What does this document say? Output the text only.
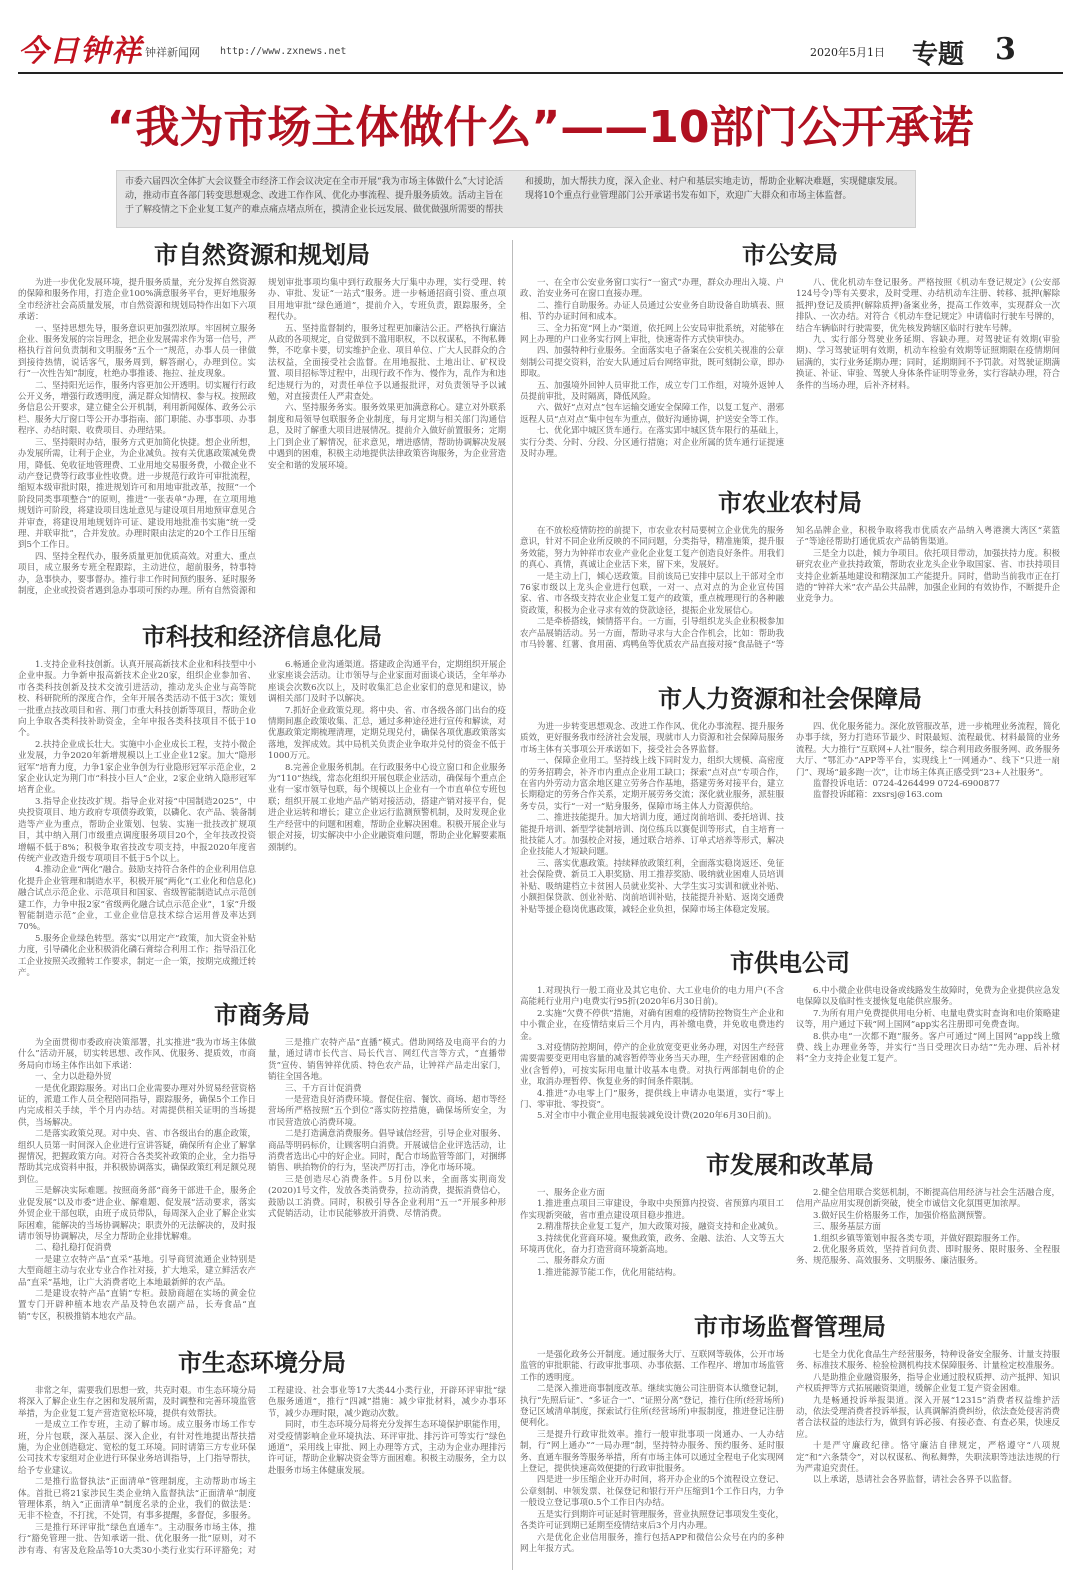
今日钟祥 钟祥新闻网 http://www.zxnews.net	2020年5月1日 专题 3
“我为市场主体做什么”——10部门公开承诺
市委六届四次全体扩大会议暨全市经济工作会议决定在全市开展“我为市场主体做什么”大讨论活动，推动市直各部门转变思想观念、改进工作作风、优化办事流程、提升服务质效。活动主旨在于了解疫情之下企业复工复产的难点痛点堵点所在，摸清企业长远发展、做优做强所需要的帮扶和援助，加大帮扶力度，深入企业、村户和基层实地走访，帮助企业解决难题，实现健康发展。现将10个重点行业管理部门公开承诺书发布如下，欢迎广大群众和市场主体监督。
市自然资源和规划局

为进一步优化发展环境，提升服务质量，充分发挥自然资源的保障和服务作用，打造企业100%满意服务平台，更好地服务全市经济社会高质量发展，市自然资源和规划局特作出如下六项承诺：

一、坚持思想先导，服务意识更加强烈浓厚。牢固树立服务企业、服务发展的宗旨理念，把企业发展需求作为第一信号，严格执行首问负责制和文明服务“五个一”规范，办事人员一律做到接待热情，说话客气，服务周到，解答耐心，办理到位。实行“一次性告知”制度，杜绝办事推诿、拖拉、扯皮现象。

二、坚持阳光运作，服务内容更加公开透明。切实履行行政公开义务，增强行政透明度，满足群众知情权、参与权。按照政务信息公开要求，建立健全公开机制，利用新闻媒体、政务公示栏、服务大厅窗口等公开办事指南、部门职能、办事事项、办事程序、办结时限、收费项目、办理结果。

三、坚持限时办结，服务方式更加简化快捷。想企业所想，办发展所需，让利于企业，为企业减负。按有关优惠政策减免费用，降低、免收征地管理费、工业用地交易服务费，小微企业不动产登记费等行政事业性收费。进一步规范行政许可审批流程，缩短本级审批时限，推进规划许可和用地审批改革，按照“一个阶段同类事项整合”的原则，推进“一张表单”办理，在立项用地规划许可阶段，将建设项目选址意见与建设项目用地预审意见合并审查，将建设用地规划许可证、建设用地批准书实施“统一受理、并联审批”，合并发放。办理时限由法定的20个工作日压缩到5个工作日。

四、坚持全程代办，服务质量更加优质高效。对重大、重点项目，成立服务专班全程跟踪，主动进位，超前服务，特事特办，急事快办，要事督办。推行非工作时间预约服务、延时服务制度，企业或投资者遇到急办事项可预约办理。所有自然资源和规划审批事项均集中到行政服务大厅集中办理，实行受理、转办、审批、发证“一站式”服务。进一步畅通招商引资、重点项目用地审批“绿色通道”，提前介入，专班负责，跟踪服务，全程代办。

五、坚持监督制约，服务过程更加廉洁公正。严格执行廉洁从政的各项规定，自觉做到不滥用职权，不以权谋私，不徇私舞弊，不吃拿卡要，切实维护企业、项目单位、广大人民群众的合法权益，全面接受社会监督。在用地报批、土地出让、矿权设置、项目招标等过程中，出现行政不作为、慢作为，乱作为和违纪违规行为的，对责任单位予以通报批评，对负责领导予以诫勉，对直接责任人严肃查处。

六、坚持服务务实。服务效果更加满意称心。建立对外联系制度和局领导包联服务企业制度，每月定期与相关部门沟通信息，及时了解重大项目进展情况。提前介入做好前置服务；定期上门到企业了解情况，征求意见，增进感情，帮助协调解决发展中遇到的困难，积极主动地提供法律政策咨询服务，为企业营造安全和谐的发展环境。

市科技和经济信息化局

1.支持企业科技创新。认真开展高新技术企业和科技型中小企业申报。力争新申报高新技术企业20家，组织企业参加省、市各类科技创新及技术交流引进活动，推动龙头企业与高等院校、科研院所的深度合作，全年开展各类活动不低于3次；策划一批重点技改项目和省、荆门市重大科技创新等项目，帮助企业向上争取各类科技补助资金，全年申报各类科技项目不低于10个。

2.扶持企业成长壮大。实施中小企业成长工程，支持小微企业发展，力争2020年新增规模以上工业企业12家。加大“隐形冠军”培育力度，力争1家企业争创为行业隐形冠军示范企业，2家企业认定为荆门市“科技小巨人”企业，2家企业纳入隐形冠军培育企业。

3.指导企业技改扩规。指导企业对接“中国制造2025”，中央投资项目、地方政府专项债券政策，以磷化、农产品、装备制造等产业为重点，帮助企业策划、包装、实施一批技改扩规项目，其中纳入荆门市级重点调度服务项目20个，全年技改投资增幅不低于8%；积极争取省技改专项支持，申报2020年度省传统产业改造升级专项项目不低于5个以上。

4.推动企业“两化”融合。鼓励支持符合条件的企业利用信息化提升企业管理和制造水平，积极开展“两化”(工业化和信息化)融合试点示范企业、示范项目和国家、省级智能制造试点示范创建工作，力争申报2家“省级两化融合试点示范企业”，1家“升级智能制造示范”企业，工业企业信息技术综合运用普及率达到70%。

5.服务企业绿色转型。落实“以用定产”政策，加大资金补贴力度，引导磷化企业积极消化磷石膏综合利用工作；指导沿江化工企业按照关改搬转工作要求，制定一企一策，按期完成搬迁转产。

6.畅通企业沟通渠道。搭建政企沟通平台，定期组织开展企业家座谈会活动。让市领导与企业家面对面谈心谈话，全年举办座谈会次数6次以上，及时收集汇总企业家们的意见和建议，协调相关部门及时予以解决。

7.抓好企业政策兑现。将中央、省、市各级各部门出台的疫情期间惠企政策收集、汇总，通过多种途径进行宣传和解读，对优惠政策定期梳理清理，定期兑现兑付，确保各项优惠政策落实落地，发挥成效。其中局机关负责企业争取并兑付的资金不低于1000万元。

8.完善企业服务机制。在行政服务中心设立窗口和企业服务为“110”热线，常态化组织开展包联企业活动，确保每个重点企业有一家市领导包联，每个规模以上企业有一个市直单位专班包联；组织开展工业地产品产销对接活动，搭建产销对接平台，促进企业运转和增长；建立企业运行监测预警机制，及时发现企业生产经营中的问题和困难，帮助企业解决困难。积极开展企业与银企对接，切实解决中小企业融资难问题，帮助企业化解要素瓶颈制约。

市商务局

为全面贯彻市委政府决策部署，扎实推进“我为市场主体做什么”活动开展，切实转思想、改作风、优服务、提质效，市商务局向市场主体作出如下承诺：

一、全力以赴稳外贸

一是优化跟踪服务。对出口企业需要办理对外贸易经营资格证的，派遣工作人员全程陪同指导，跟踪服务，确保5个工作日内完成相关手续，半个月内办结。对需提供相关证明的当场提供，当场解决。

二是落实政策兑现。对中央、省、市各级出台的惠企政策，组织人员第一时间深入企业进行宣讲答疑，确保所有企业了解掌握情况，把握政策方向。对符合各类奖补政策的企业，全力指导帮助其完成资料申报，并积极协调落实，确保政策红利足额兑现到位。

三是解决实际难题。按照商务部“商务干部进千企，服务企业促发展”以及市委“进企业、解难题、促发展”活动要求，落实外贸企业干部包联，由班子成员带队，每周深入企业了解企业实际困难，能解决的当场协调解决；职责外的无法解决的，及时报请市领导协调解决，尽全力帮助企业排忧解难。

二、稳扎稳打促消费

一是建立农特产品“直采”基地。引导商贸流通企业特别是大型商超主动与农业专业合作社对接，扩大地采，建立鲜活农产品“直采”基地，让广大消费者吃上本地最新鲜的农产品。

二是建设农特产品“直销”专柜。鼓励商超在实场的黄金位置专门开辟种植本地农产品及特色农副产品，长寿食品“直销”专区，积极推销本地农产品。

三是推广农特产品“直播”模式。借助网络及电商平台的力量，通过请市长代言、局长代言、网红代言等方式，“直播带货”宣传、销售钟祥优质、特色农产品，让钟祥产品走出家门，销往全国各地。

三、千方百计促消费

一是营造良好消费环境。督促住宿、餐饮、商场、超市等经营场所严格按照“五个到位”落实防控措施，确保场所安全，为市民营造放心消费环境。

二是打造满意消费服务。倡导诚信经营，引导企业对服务、商品等明码标价，让顾客明白消费。开展诚信企业评选活动，让消费者选出心中的好企业。同时，配合市场监管等部门，对捆绑销售、哄抬物价的行为，坚决严厉打击，净化市场环境。

三是创造尽心消费条件。5月份以来，全面落实荆商发(2020)1号文件，发放各类消费券，拉动消费，提振消费信心，鼓励以工消费。同时，积极引导各企业利用“五一”开展多种形式促销活动，让市民能够放开消费、尽情消费。

市生态环境分局

非常之年，需要我们思想一致，共克时艰。市生态环境分局将深入了解企业生存之困和发展所需，及时调整和完善环境监管举措，为企业复工复产营造宽松环境，提供有效帮扶。

一是成立工作专班，主动了解市场。成立服务市场工作专班，分片包联，深入基层、深入企业，有针对性地提出帮扶措施，为企业创造稳定、宽松的复工环境。同时请第三方专业环保公司技术专家组对企业进行环保业务培训指导，上门指导帮扶，给予专业建议。

二是推行监督执法“正面清单”管理制度，主动帮助市场主体。首批已将21家涉民生类企业纳入监督执法“正面清单”制度管理体系，纳入“正面清单”制度名录的企业，我们的做法是：无非不检查，不打扰，不处罚，有事多提醒，多督促，多服务。

三是推行环评审批“绿色直通车”。主动服务市场主体，推行“豁免管理一批、告知承诺一批、优化服务一批”原则，对不涉有毒、有害及危险品等10大类30小类行业实行环评豁免；对工程建设、社会事业等17大类44小类行业，开辟环评审批“绿色服务通道”，推行“四减”措施：减少审批材料，减少办事环节，减少办理时限，减少跑动次数。

同时，市生态环境分局将充分发挥生态环境保护职能作用，对受疫情影响企业环境执法、环评审批、排污许可等实行“绿色通道”，采用线上审批、网上办理等方式，主动为企业办理排污许可证，帮助企业解决资金等方面困难。积极主动服务，全力以赴服务市场主体健康发展。

市公安局

一、在全市公安业务窗口实行“一窗式”办理，群众办理出入境、户政、治安业务可在窗口直接办理。

二、推行自助服务。办证人员通过公安业务自助设备自助填表、照相、节约办证时间和成本。

三、全力拓宽“网上办”渠道，依托网上公安局审批系统，对能够在网上办理的户口业务实行网上审批，快速寄件方式快审快办。

四、加强特种行业服务。全面落实电子备案在公安机关视准的公章刻制公司提交资料，治安大队通过后台网络审批，既可刻制公章，即办即取。

五、加强境外回钟人员审批工作，成立专门工作组，对境外返钟人员提前审批，及时隔离，降低风险。

六、做好“点对点”包车运输交通安全保障工作，以复工复产、潜邪返程人员“点对点”集中包车为重点，做好沟通协调，护送安全等工作。

七、优化郢中城区货车通行。在落实郢中城区货车限行的基础上，实行分类、分时、分段、分区通行措施；对企业所属的货车通行证提速及时办理。

八、优化机动车登记服务。严格按照《机动车登记规定》(公安部124号令)等有关要求，及时受理、办结机动车注册、转移、抵押(解除抵押)登记及质押(解除质押)备案业务，提高工作效率，实现群众一次排队、一次办结。对符合《机动车登记规定》申请临时行驶车号牌的，结合车辆临时行驶需要，优先核发跨辖区临时行驶车号牌。

九、实行部分驾驶业务延期、容缺办理。对驾驶证有效期(审验期)、学习驾驶证明有效期，机动车检验有效期等证照期限在疫情期间届满的，实行业务延期办理；同时，延期期间不予罚款。对驾驶证期满换证、补证、审验、驾驶人身体条件证明等业务，实行容缺办理，符合条件的当场办理，后补齐材料。

市农业农村局

在不放松疫情防控的前提下，市农业农村局要树立企业优先的服务意识，针对不同企业所反映的不同问题，分类指导，精准施策，提升服务效能，努力为钟祥市农业产业化企业复工复产创造良好条件。用我们的真心、真情，真诚让企业活下来，留下来，发展好。

一是主动上门，倾心送政策。目前该局已安排中层以上干部对全市76家市级以上龙头企业进行包联，一对一、点对点的为企业宣传国家、省、市各级支持农业企业复工复产的政策，重点梳理现行的各种融资政策，积极为企业寻求有效的贷款途径，提振企业发展信心。

二是牵桥搭线，倾情搭平台。一方面，引导组织龙头企业积极参加农产品展销活动。另一方面，帮助寻求与大企合作机会，比如：帮助我市马铃薯、红薯、食用菌、鸡鸭鱼等优质农产品直接对接“食品链子”等知名品牌企业，积极争取将我市优质农产品纳入粤港澳大湾区“菜篮子”等途径帮助打通优质农产品销售渠道。

三是全力以赴，倾力争项目。依托项目带动，加强扶持力度。积极研究农业产业扶持政策，帮助农业龙头企业争取国家、省、市扶持项目支持企业新基地建设和精深加工产能提升。同时，借助当前我市正在打造的“钟祥大米”农产品公共品牌，加强企业间的有效协作，不断提升企业竞争力。

市人力资源和社会保障局

为进一步转变思想观念、改进工作作风、优化办事流程、提升服务质效，更好服务我市经济社会发展，现就市人力资源和社会保障局服务市场主体有关事项公开承诺如下，接受社会各界监督。

一、保障企业用工。坚持线上线下同时发力，组织大规模、高密度的劳务招聘会，补齐市内重点企业用工缺口；探索“点对点”专项合作，在省内外劳动力富余地区建立劳务合作基地，搭建劳务对接平台，建立长期稳定的劳务合作关系，定期开展劳务交流；深化就业服务，派驻服务专员，实行“一对一”贴身服务，保障市场主体人力资源供给。

二、推进技能提升。加大培训力度，通过岗前培训、委托培训、技能提升培训、新型学徒制培训、岗位练兵以赛促训等形式，自主培育一批技能人才。加强校企对接，通过联合培养、订单式培养等形式，解决企业技能人才短缺问题。

三、落实优惠政策。持续释放政策红利，全面落实稳岗返还、免征社会保险费、新员工入职奖励、用工推荐奖励、吸纳就业困难人员培训补贴、吸纳建档立卡贫困人员就业奖补、大学生实习实训和就业补贴、小额担保贷款、创业补贴、岗前培训补贴，技能提升补贴、返岗交通费补贴等援企稳岗优惠政策，减轻企业负担，保障市场主体稳定发展。

四、优化服务能力。深化放管服改革，进一步梳理业务流程，简化办事手续，努力打造环节最少、时限最短、流程最优、材料最简的业务流程。大力推行“互联网+人社”服务，综合利用政务服务网、政务服务大厅、“鄂汇办”APP等平台，实现线上“一网通办”、线下“只进一扇门”、现场“最多跑一次”，让市场主体真正感受到“23+人社服务”。

监督投诉电话：0724-4264499 0724-6900877

监督投诉邮箱：zxsrsj@163.com

市供电公司

1.对现执行一般工商业及其它电价、大工业电价的电力用户(不含高能耗行业用户)电费实行95折(2020年6月30日前)。

2.实施“欠费不停供”措施，对确有困难的疫情防控物资生产企业和中小微企业，在疫情结束后三个月内，再补缴电费，并免收电费违约金。

3.对疫情防控期间，停产的企业放宽变更业务办理，对因生产经营需要需要变更用电容量的减容暂停等业务当天办理，生产经营困难的企业(含暂停)，可按实际用电量计收基本电费。对执行两部制电价的企业，取消办理暂停、恢复业务的时间条件限制。

4.推进“办电零上门”服务，提供线上申请办电渠道，实行“零上门、零审批、零投资”。

5.对全市中小微企业用电报装减免设计费(2020年6月30日前)。

6.中小微企业供电设备或线路发生故障时，免费为企业提供应急发电保障以及临时性支援恢复电能供应服务。

7.为所有用户免费提供用电分析、电量电费实时查询和电价策略建议等，用户通过下载“网上国网”app实名注册即可免费查询。

8.供办电“一次都不跑”服务。客户可通过“网上国网”app线上缴费、线上办理业务等，并实行“当日受理次日办结”“先办理、后补材料”全力支持企业复工复产。

市发展和改革局

一、服务企业方面

1.推进重点项目三审建设，争取中央预算内投资、省预算内项目工作实现新突破，省市重点建设项目稳步推进。

2.精准帮扶企业复工复产，加大政策对接，融资支持和企业减负。

3.持续优化营商环境。聚焦政策，政务、金融、法治、人文等五大环境再优化，奋力打造营商环境新高地。

二、服务群众方面

1.推进能源节能工作，优化用能结构。

2.健全信用联合奖惩机制，不断提高信用经济与社会生活融合度，信用产品应用实现创新突破，使全市诚信文化氛围更加浓厚。

3.做好民生价格服务工作，加强价格监测预警。

三、服务基层方面

1.组织乡镇等策划申报各类专项，并做好跟踪服务工作。

2.优化服务质效，坚持首问负责、即时服务、限时服务、全程服务、规范服务、高效服务、文明服务、廉洁服务。

市市场监督管理局

一是强化政务公开制度。通过服务大厅、互联网等载体，公开市场监管的审批职能、行政审批事项、办事依据、工作程序、增加市场监管工作的透明度。

二是深入推进商事制度改革。继续实施公司注册资本认缴登记制，执行“先照后证”、“多证合一”、“证照分离”登记，推行住所(经营场所)登记区域清单制度，探索试行住所(经营场所)申报制度，推进登记注册便利化。

三是提升行政审批效率。推行一般审批事项一岗通办、一人办结制，行“网上通办”“一局办理”制，坚持特办服务、预约服务、延时服务、直通车服务等服务举措，所有市场主体可以通过全程电子化实现网上登记，提供快速高效便捷的行政审批服务。

四是进一步压缩企业开办时间，将开办企业的5个流程设立登记、公章刻制、申领发票、社保登记和银行开户压缩到1个工作日内，力争一般设立登记事项0.5个工作日内办结。

五是实行到期许可证延时管理服务，营业执照登记事项发生变化，各类许可证到期已延期至疫情结束后3个月内办理。

六是优化企业信用服务，推行包括APP和微信公众号在内的多种网上年报方式。

七是全力优化食品生产经营服务，特种设备安全服务、计量支持服务、标准技术服务、检验检测机构技术保障服务、计量检定校准服务。

八是助推企业融资服务，指导企业通过股权质押、动产抵押、知识产权质押等方式拓展融资渠道，缓解企业复工复产资金困难。

九是畅通投诉举报渠道。深入开展“12315”消费者权益维护活动，依法受理消费者投诉举报，认真调解消费纠纷，依法查处侵害消费者合法权益的违法行为，做到有诉必接、有接必查、有查必果，快速反应。

十是严守廉政纪律。恪守廉洁自律规定，严格遵守“八项规定”和“六条禁令”，对以权谋私、徇私舞弊，失职渎职等违法违规的行为严肃追究责任。

以上承诺，恳请社会各界监督，请社会各界予以监督。
